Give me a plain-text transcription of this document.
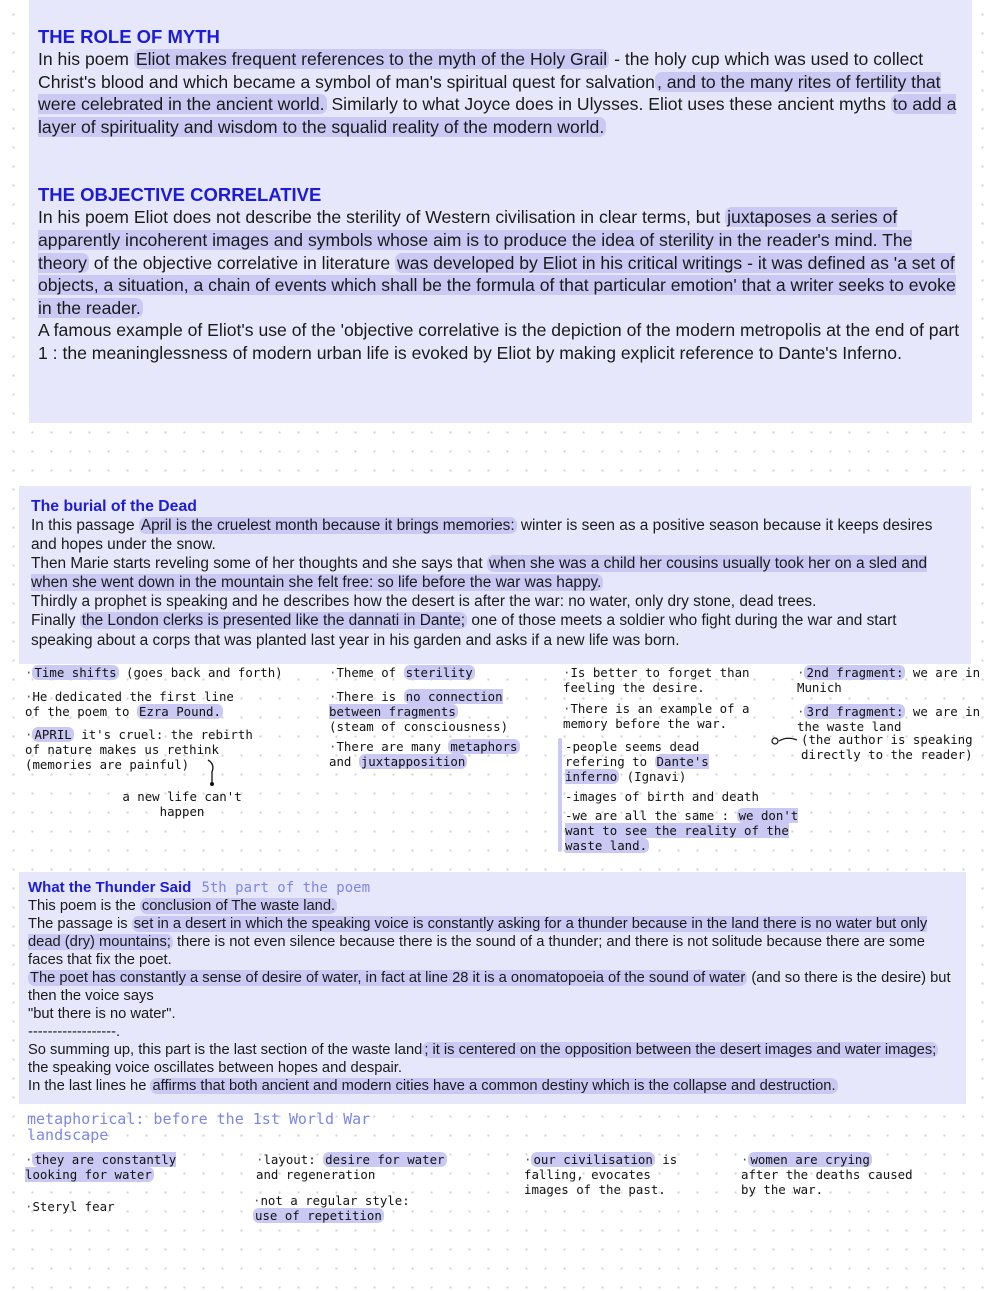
THE ROLE OF MYTH

In his poem Eliot makes frequent references to the myth of the Holy Grail - the holy cup which was used to collect Christ's blood and which became a symbol of man's spiritual quest for salvation , and to the many rites of fertility that were celebrated in the ancient world. Similarly to what Joyce does in Ulysses. Eliot uses these ancient myths to add a layer of spirituality and wisdom to the squalid reality of the modern world.

THE OBJECTIVE CORRELATIVE

In his poem Eliot does not describe the sterility of Western civilisation in clear terms, but juxtaposes a series of apparently incoherent images and symbols whose aim is to produce the idea of sterility in the reader's mind. The theory of the objective correlative in literature was developed by Eliot in his critical writings - it was defined as 'a set of objects, a situation, a chain of events which shall be the formula of that particular emotion' that a writer seeks to evoke in the reader.

A famous example of Eliot's use of the 'objective correlative is the depiction of the modern metropolis at the end of part 1 : the meaninglessness of modern urban life is evoked by Eliot by making explicit reference to Dante's Inferno.

The burial of the Dead

In this passage April is the cruelest month because it brings memories: winter is seen as a positive season because it keeps desires and hopes under the snow.

Then Marie starts reveling some of her thoughts and she says that when she was a child her cousins usually took her on a sled and when she went down in the mountain she felt free: so life before the war was happy.

Thirdly a prophet is speaking and he describes how the desert is after the war: no water, only dry stone, dead trees.

Finally the London clerks is presented like the dannati in Dante; one of those meets a soldier who fight during the war and start speaking about a corps that was planted last year in his garden and asks if a new life was born.

· Time shifts (goes back and forth)
·He dedicated the first line of the poem to Ezra Pound.
· APRIL it's cruel: the rebirth of nature makes us rethink (memories are painful)
a new life can't happen
·Theme of sterility
·There is no connection between fragments
(steam of consciousness)
·There are many metaphors
and juxtapposition
·Is better to forget than feeling the desire.
·There is an example of a memory before the war.
-people seems dead refering to Dante's inferno (Ignavi)
-images of birth and death
-we are all the same : we don't want to see the reality of the waste land.
· 2nd fragment: we are in Munich
· 3rd fragment: we are in the waste land
(the author is speaking directly to the reader)
What the Thunder Said 5th part of the poem

This poem is the conclusion of The waste land.

The passage is set in a desert in which the speaking voice is constantly asking for a thunder because in the land there is no water but only dead (dry) mountains; there is not even silence because there is the sound of a thunder; and there is not solitude because there are some faces that fix the poet.

The poet has constantly a sense of desire of water, in fact at line 28 it is a onomatopoeia of the sound of water (and so there is the desire) but then the voice says

"but there is no water".

------------------.

So summing up, this part is the last section of the waste land ; it is centered on the opposition between the desert images and water images; the speaking voice oscillates between hopes and despair.

In the last lines he affirms that both ancient and modern cities have a common destiny which is the collapse and destruction.

metaphorical: before the 1st World War
landscape
· they are constantly looking for water
·Steryl fear
·layout: desire for water
and regeneration
·not a regular style:
use of repetition
· our civilisation is falling, evocates images of the past.
· women are crying after the deaths caused by the war.
